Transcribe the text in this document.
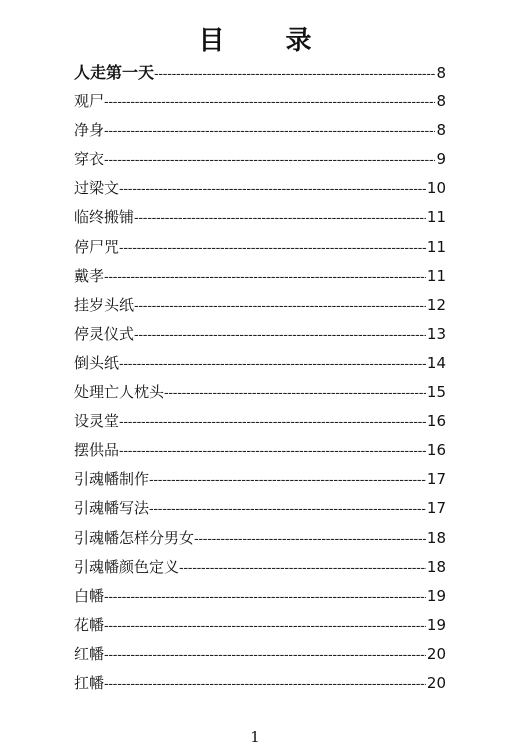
目 录
人走第一天 -----	8
观尸 -----	8
净身 -----	8
穿衣 -----	9
过梁文 -----	10
临终搬铺 -----	11
停尸咒 -----	11
戴孝 -----	11
挂岁头纸 -----	12
停灵仪式 -----	13
倒头纸 -----	14
处理亡人枕头 -----	15
设灵堂 -----	16
摆供品 -----	16
引魂幡制作 -----	17
引魂幡写法 -----	17
引魂幡怎样分男女 -----	18
引魂幡颜色定义 -----	18
白幡 -----	19
花幡 -----	19
红幡 -----	20
扛幡 -----	20
1
